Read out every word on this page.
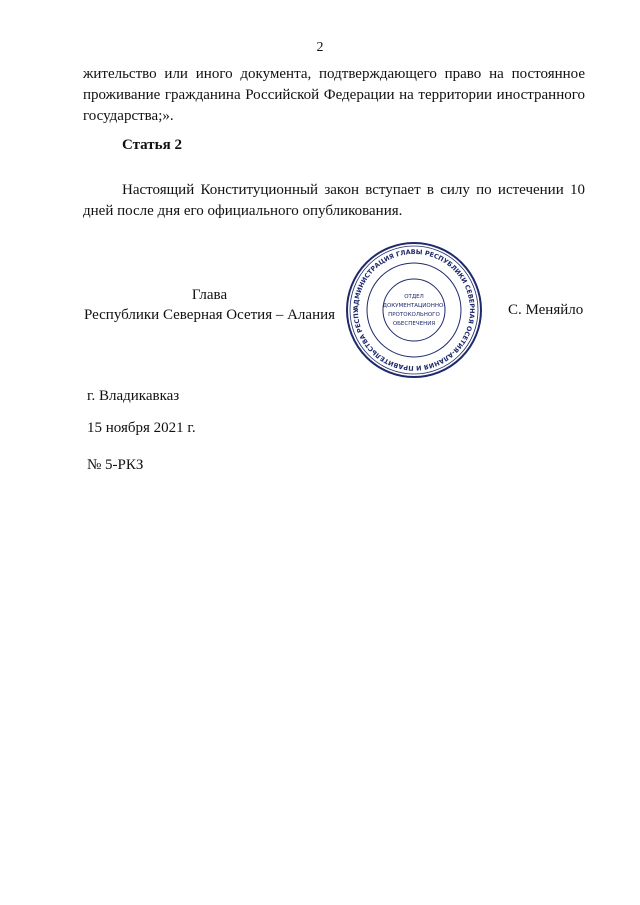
2

жительство или иного документа, подтверждающего право на постоянное проживание гражданина Российской Федерации на территории иностранного государства;».

Статья 2

Настоящий Конституционный закон вступает в силу по истечении 10 дней после дня его официального опубликования.

Глава
Республики Северная Осетия – Алания	АДМИНИСТРАЦИЯ ГЛАВЫ РЕСПУБЛИКИ СЕВЕРНАЯ ОСЕТИЯ-АЛАНИЯ И ПРАВИТЕЛЬСТВА РЕСПУ
ОТДЕЛ
ДОКУМЕНТАЦИОННО-
ПРОТОКОЛЬНОГО
ОБЕСПЕЧЕНИЯ
С. Меняйло
г. Владикавказ
15 ноября 2021 г.
№ 5-РКЗ
